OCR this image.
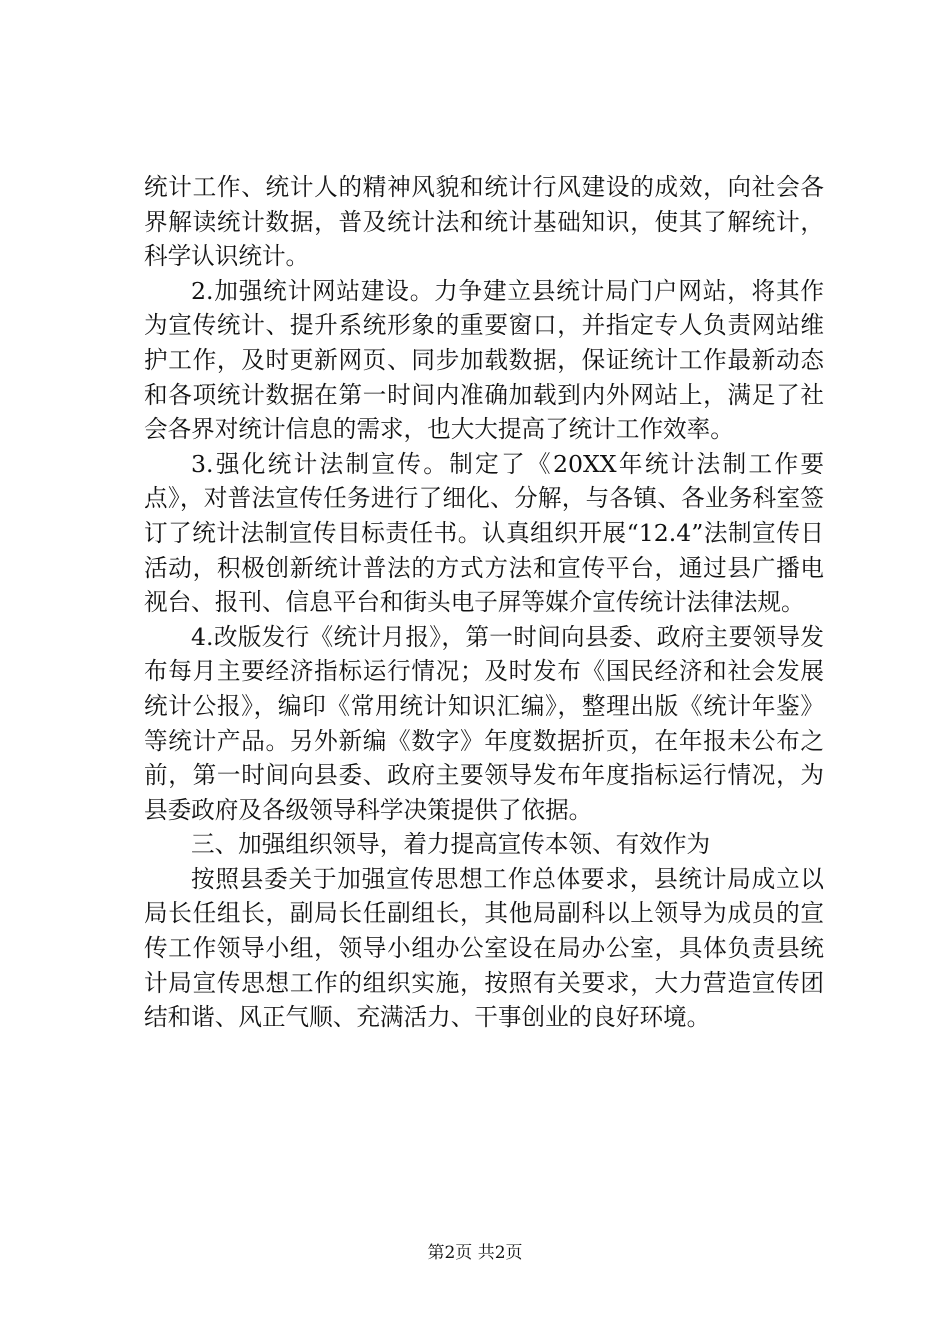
统计工作、统计人的精神风貌和统计行风建设的成效，向社会各界解读统计数据，普及统计法和统计基础知识，使其了解统计，科学认识统计。

2.加强统计网站建设。力争建立县统计局门户网站，将其作为宣传统计、提升系统形象的重要窗口，并指定专人负责网站维护工作，及时更新网页、同步加载数据，保证统计工作最新动态和各项统计数据在第一时间内准确加载到内外网站上，满足了社会各界对统计信息的需求，也大大提高了统计工作效率。

3.强化统计法制宣传。制定了《20XX年统计法制工作要点》，对普法宣传任务进行了细化、分解，与各镇、各业务科室签订了统计法制宣传目标责任书。认真组织开展“12.4”法制宣传日活动，积极创新统计普法的方式方法和宣传平台，通过县广播电视台、报刊、信息平台和街头电子屏等媒介宣传统计法律法规。

4.改版发行《统计月报》，第一时间向县委、政府主要领导发布每月主要经济指标运行情况；及时发布《国民经济和社会发展统计公报》，编印《常用统计知识汇编》，整理出版《统计年鉴》等统计产品。另外新编《数字》年度数据折页，在年报未公布之前，第一时间向县委、政府主要领导发布年度指标运行情况，为县委政府及各级领导科学决策提供了依据。

三、加强组织领导，着力提高宣传本领、有效作为

按照县委关于加强宣传思想工作总体要求，县统计局成立以局长任组长，副局长任副组长，其他局副科以上领导为成员的宣传工作领导小组，领导小组办公室设在局办公室，具体负责县统计局宣传思想工作的组织实施，按照有关要求，大力营造宣传团结和谐、风正气顺、充满活力、干事创业的良好环境。

第2页 共2页
